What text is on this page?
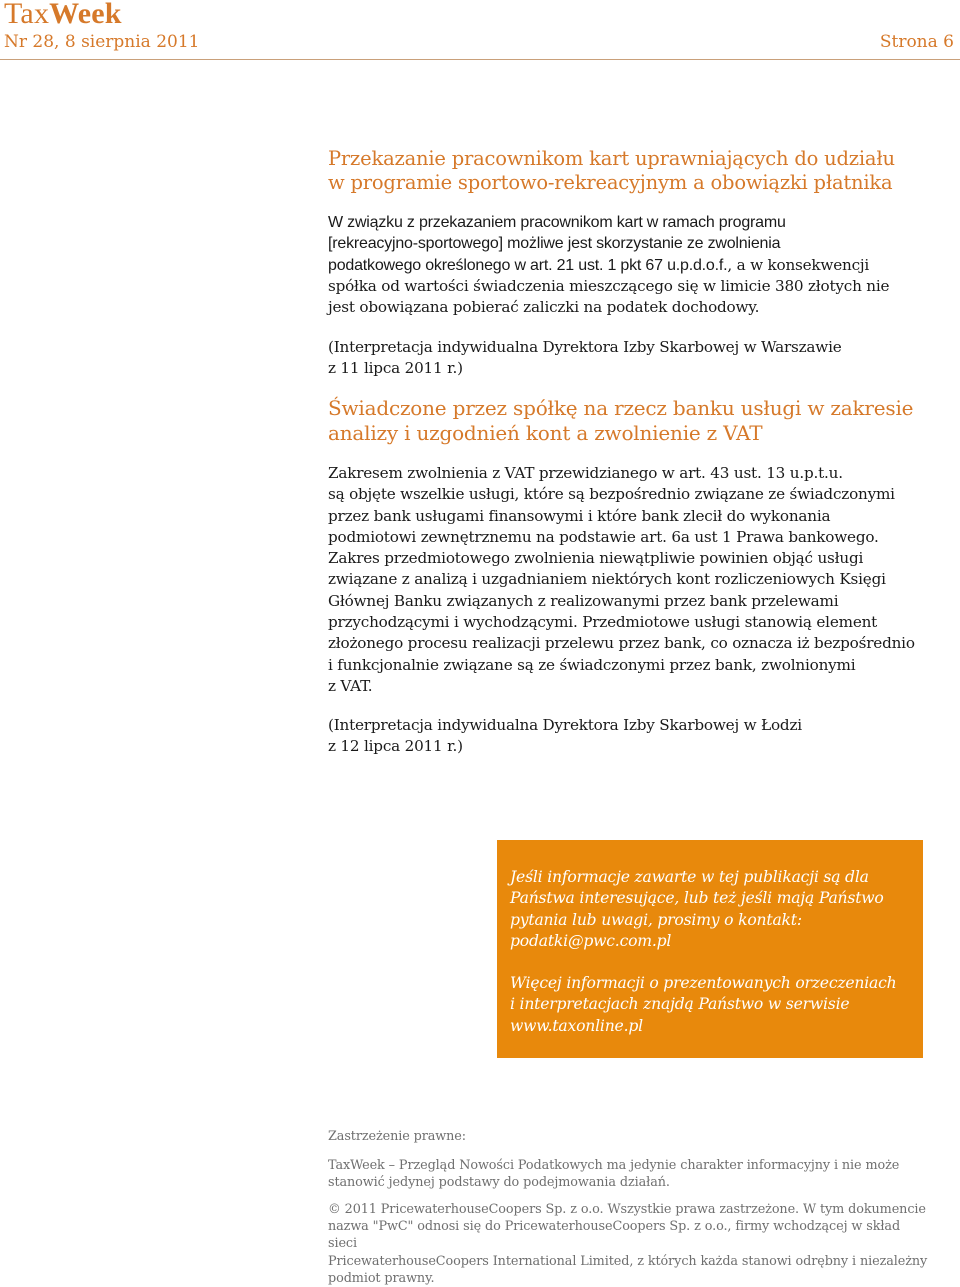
TaxWeek
Nr 28, 8 sierpnia 2011	Strona 6
Przekazanie pracownikom kart uprawniających do udziału
w programie sportowo-rekreacyjnym a obowiązki płatnika
W związku z przekazaniem pracownikom kart w ramach programu
[rekreacyjno-sportowego] możliwe jest skorzystanie ze zwolnienia
podatkowego określonego w art. 21 ust. 1 pkt 67 u.p.d.o.f., a w konsekwencji
spółka od wartości świadczenia mieszczącego się w limicie 380 złotych nie
jest obowiązana pobierać zaliczki na podatek dochodowy.
(Interpretacja indywidualna Dyrektora Izby Skarbowej w Warszawie
z 11 lipca 2011 r.)
Świadczone przez spółkę na rzecz banku usługi w zakresie
analizy i uzgodnień kont a zwolnienie z VAT
Zakresem zwolnienia z VAT przewidzianego w art. 43 ust. 13 u.p.t.u.
są objęte wszelkie usługi, które są bezpośrednio związane ze świadczonymi
przez bank usługami finansowymi i które bank zlecił do wykonania
podmiotowi zewnętrznemu na podstawie art. 6a ust 1 Prawa bankowego.
Zakres przedmiotowego zwolnienia niewątpliwie powinien objąć usługi
związane z analizą i uzgadnianiem niektórych kont rozliczeniowych Księgi
Głównej Banku związanych z realizowanymi przez bank przelewami
przychodzącymi i wychodzącymi. Przedmiotowe usługi stanowią element
złożonego procesu realizacji przelewu przez bank, co oznacza iż bezpośrednio
i funkcjonalnie związane są ze świadczonymi przez bank, zwolnionymi
z VAT.
(Interpretacja indywidualna Dyrektora Izby Skarbowej w Łodzi
z 12 lipca 2011 r.)
Jeśli informacje zawarte w tej publikacji są dla
Państwa interesujące, lub też jeśli mają Państwo
pytania lub uwagi, prosimy o kontakt:
podatki@pwc.com.pl
Więcej informacji o prezentowanych orzeczeniach
i interpretacjach znajdą Państwo w serwisie
www.taxonline.pl
Zastrzeżenie prawne:
TaxWeek – Przegląd Nowości Podatkowych ma jedynie charakter informacyjny i nie może
stanowić jedynej podstawy do podejmowania działań.
© 2011 PricewaterhouseCoopers Sp. z o.o. Wszystkie prawa zastrzeżone. W tym dokumencie
nazwa "PwC" odnosi się do PricewaterhouseCoopers Sp. z o.o., firmy wchodzącej w skład sieci
PricewaterhouseCoopers International Limited, z których każda stanowi odrębny i niezależny
podmiot prawny.
